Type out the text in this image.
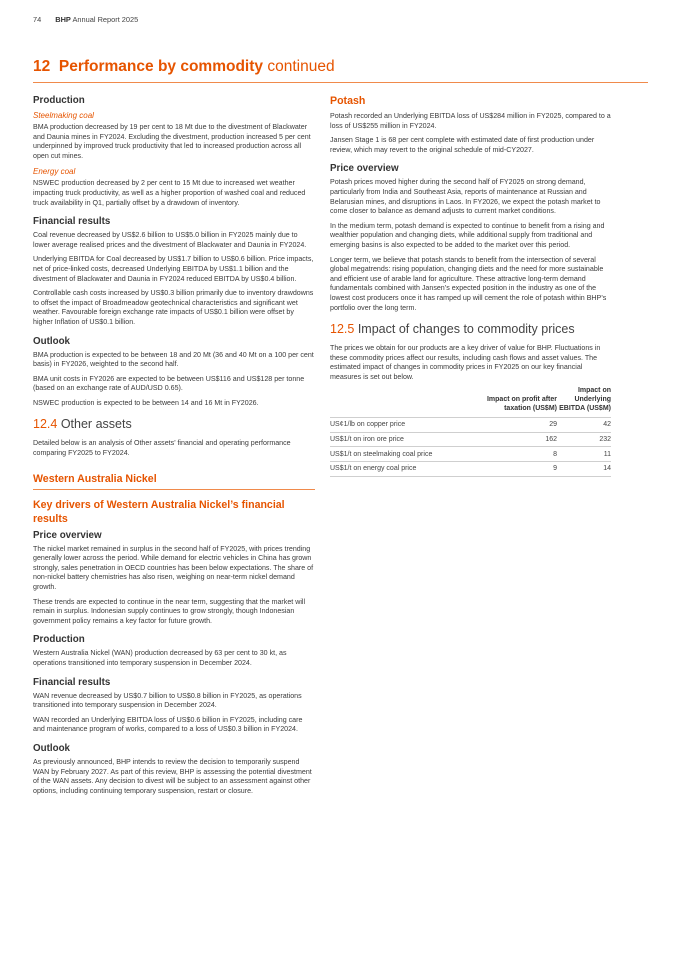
74 BHP Annual Report 2025
12 Performance by commodity continued
Production
Steelmaking coal

BMA production decreased by 19 per cent to 18 Mt due to the divestment of Blackwater and Daunia mines in FY2024. Excluding the divestment, production increased 5 per cent underpinned by improved truck productivity that led to increased production across all open cut mines.

Energy coal

NSWEC production decreased by 2 per cent to 15 Mt due to increased wet weather impacting truck productivity, as well as a higher proportion of washed coal and reduced truck availability in Q1, partially offset by a drawdown of inventory.

Financial results

Coal revenue decreased by US$2.6 billion to US$5.0 billion in FY2025 mainly due to lower average realised prices and the divestment of Blackwater and Daunia in FY2024.

Underlying EBITDA for Coal decreased by US$1.7 billion to US$0.6 billion. Price impacts, net of price-linked costs, decreased Underlying EBITDA by US$1.1 billion and the divestment of Blackwater and Daunia in FY2024 reduced EBITDA by US$0.4 billion.

Controllable cash costs increased by US$0.3 billion primarily due to inventory drawdowns to offset the impact of Broadmeadow geotechnical characteristics and significant wet weather. Favourable foreign exchange rate impacts of US$0.1 billion were offset by higher Inflation of US$0.1 billion.

Outlook

BMA production is expected to be between 18 and 20 Mt (36 and 40 Mt on a 100 per cent basis) in FY2026, weighted to the second half.

BMA unit costs in FY2026 are expected to be between US$116 and US$128 per tonne (based on an exchange rate of AUD/USD 0.65).

NSWEC production is expected to be between 14 and 16 Mt in FY2026.

12.4 Other assets

Detailed below is an analysis of Other assets’ financial and operating performance comparing FY2025 to FY2024.

Western Australia Nickel
Key drivers of Western Australia Nickel’s financial results
Price overview

The nickel market remained in surplus in the second half of FY2025, with prices trending generally lower across the period. While demand for electric vehicles in China has grown strongly, sales penetration in OECD countries has been below expectations. The share of non-nickel battery chemistries has also risen, weighing on near-term nickel demand growth.

These trends are expected to continue in the near term, suggesting that the market will remain in surplus. Indonesian supply continues to grow strongly, though Indonesian government policy remains a key factor for future growth.

Production

Western Australia Nickel (WAN) production decreased by 63 per cent to 30 kt, as operations transitioned into temporary suspension in December 2024.

Financial results

WAN revenue decreased by US$0.7 billion to US$0.8 billion in FY2025, as operations transitioned into temporary suspension in December 2024.

WAN recorded an Underlying EBITDA loss of US$0.6 billion in FY2025, including care and maintenance program of works, compared to a loss of US$0.3 billion in FY2024.

Outlook

As previously announced, BHP intends to review the decision to temporarily suspend WAN by February 2027. As part of this review, BHP is assessing the potential divestment of the WAN assets. Any decision to divest will be subject to an assessment against other options, including continuing temporary suspension, restart or closure.

Potash

Potash recorded an Underlying EBITDA loss of US$284 million in FY2025, compared to a loss of US$255 million in FY2024.

Jansen Stage 1 is 68 per cent complete with estimated date of first production under review, which may revert to the original schedule of mid-CY2027.

Price overview

Potash prices moved higher during the second half of FY2025 on strong demand, particularly from India and Southeast Asia, reports of maintenance at Russian and Belarusian mines, and disruptions in Laos. In FY2026, we expect the potash market to come closer to balance as demand adjusts to current market conditions.

In the medium term, potash demand is expected to continue to benefit from a rising and wealthier population and changing diets, while additional supply from traditional and emerging basins is also expected to be added to the market over this period.

Longer term, we believe that potash stands to benefit from the intersection of several global megatrends: rising population, changing diets and the need for more sustainable and efficient use of arable land for agriculture. These attractive long-term demand fundamentals combined with Jansen’s expected position in the industry as one of the lowest cost producers once it has ramped up will cement the role of potash within BHP’s portfolio over the long term.

12.5 Impact of changes to commodity prices

The prices we obtain for our products are a key driver of value for BHP. Fluctuations in these commodity prices affect our results, including cash flows and asset values. The estimated impact of changes in commodity prices in FY2025 on our key financial measures is set out below.

	Impact on profit after taxation (US$M)	Impact on Underlying EBITDA (US$M)
US¢1/lb on copper price	29	42
US$1/t on iron ore price	162	232
US$1/t on steelmaking coal price	8	11
US$1/t on energy coal price	9	14
